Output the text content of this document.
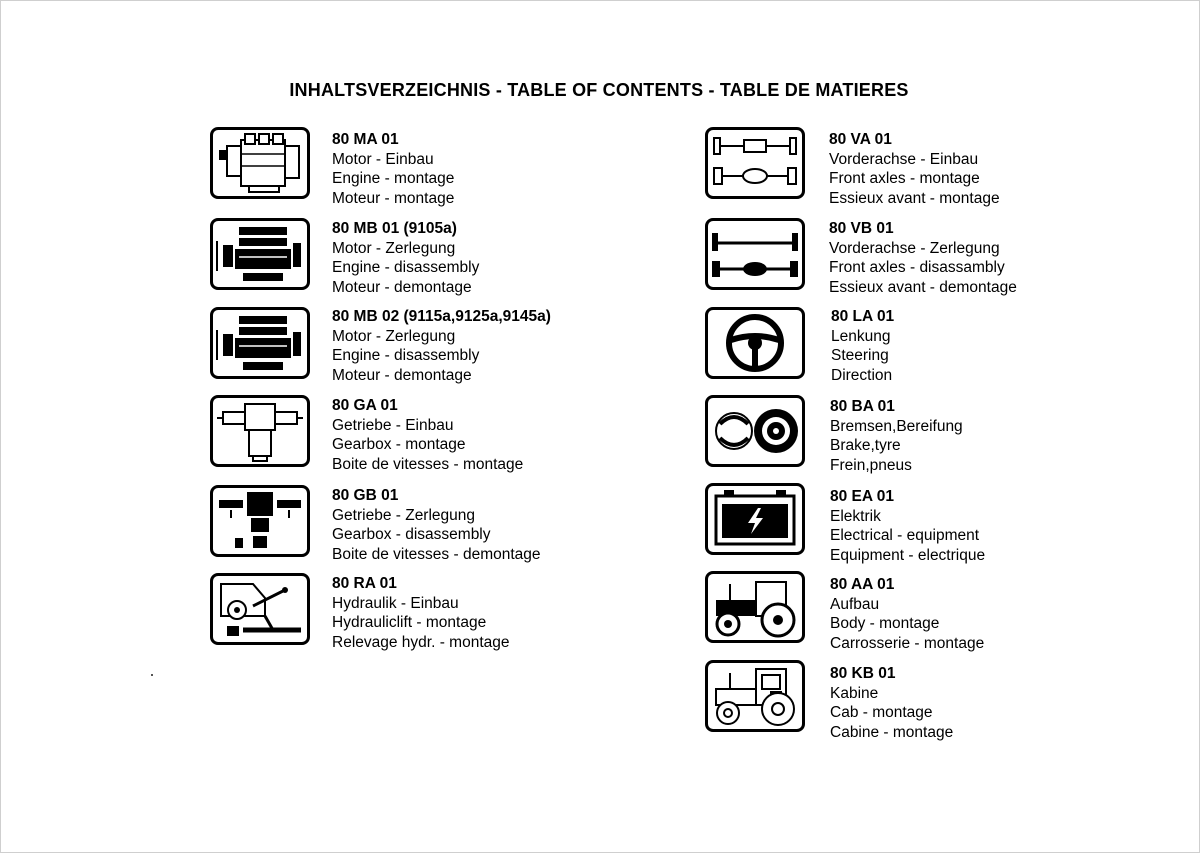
INHALTSVERZEICHNIS - TABLE OF CONTENTS - TABLE DE MATIERES
80 MA 01
Motor - Einbau
Engine - montage
Moteur - montage
80 MB 01 (9105a)
Motor - Zerlegung
Engine - disassembly
Moteur - demontage
80 MB 02 (9115a,9125a,9145a)
Motor - Zerlegung
Engine - disassembly
Moteur - demontage
80 GA 01
Getriebe - Einbau
Gearbox - montage
Boite de vitesses - montage
80 GB 01
Getriebe - Zerlegung
Gearbox - disassembly
Boite de vitesses - demontage
80 RA 01
Hydraulik - Einbau
Hydrauliclift - montage
Relevage hydr. - montage
80 VA 01
Vorderachse - Einbau
Front axles - montage
Essieux avant - montage
80 VB 01
Vorderachse - Zerlegung
Front axles - disassambly
Essieux avant - demontage
80 LA 01
Lenkung
Steering
Direction
80 BA 01
Bremsen,Bereifung
Brake,tyre
Frein,pneus
80 EA 01
Elektrik
Electrical - equipment
Equipment - electrique
80 AA 01
Aufbau
Body - montage
Carrosserie - montage
80 KB 01
Kabine
Cab - montage
Cabine - montage
